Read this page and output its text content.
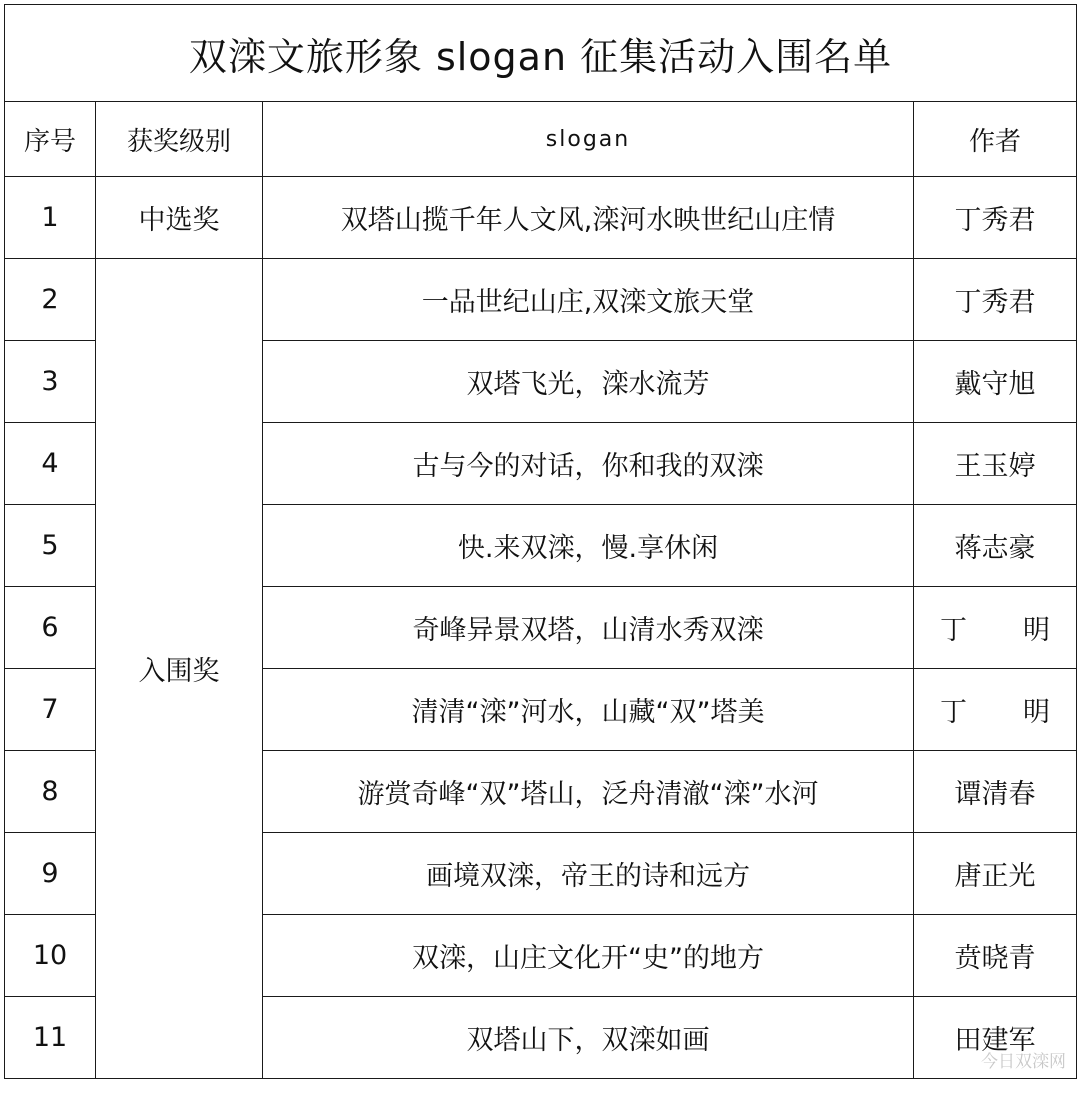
双滦文旅形象 slogan 征集活动入围名单			
序号	获奖级别	slogan	作者
1	中选奖	双塔山揽千年人文风,滦河水映世纪山庄情	丁秀君
2	入围奖	一品世纪山庄,双滦文旅天堂	丁秀君
3		双塔飞光，滦水流芳	戴守旭
4		古与今的对话，你和我的双滦	王玉婷
5		快.来双滦，慢.享休闲	蒋志豪
6		奇峰异景双塔，山清水秀双滦	丁 明
7		清清“滦”河水，山藏“双”塔美	丁 明
8		游赏奇峰“双”塔山，泛舟清澈“滦”水河	谭清春
9		画境双滦，帝王的诗和远方	唐正光
10		双滦，山庄文化开“史”的地方	贲晓青
11		双塔山下，双滦如画	田建军
今日双滦网
